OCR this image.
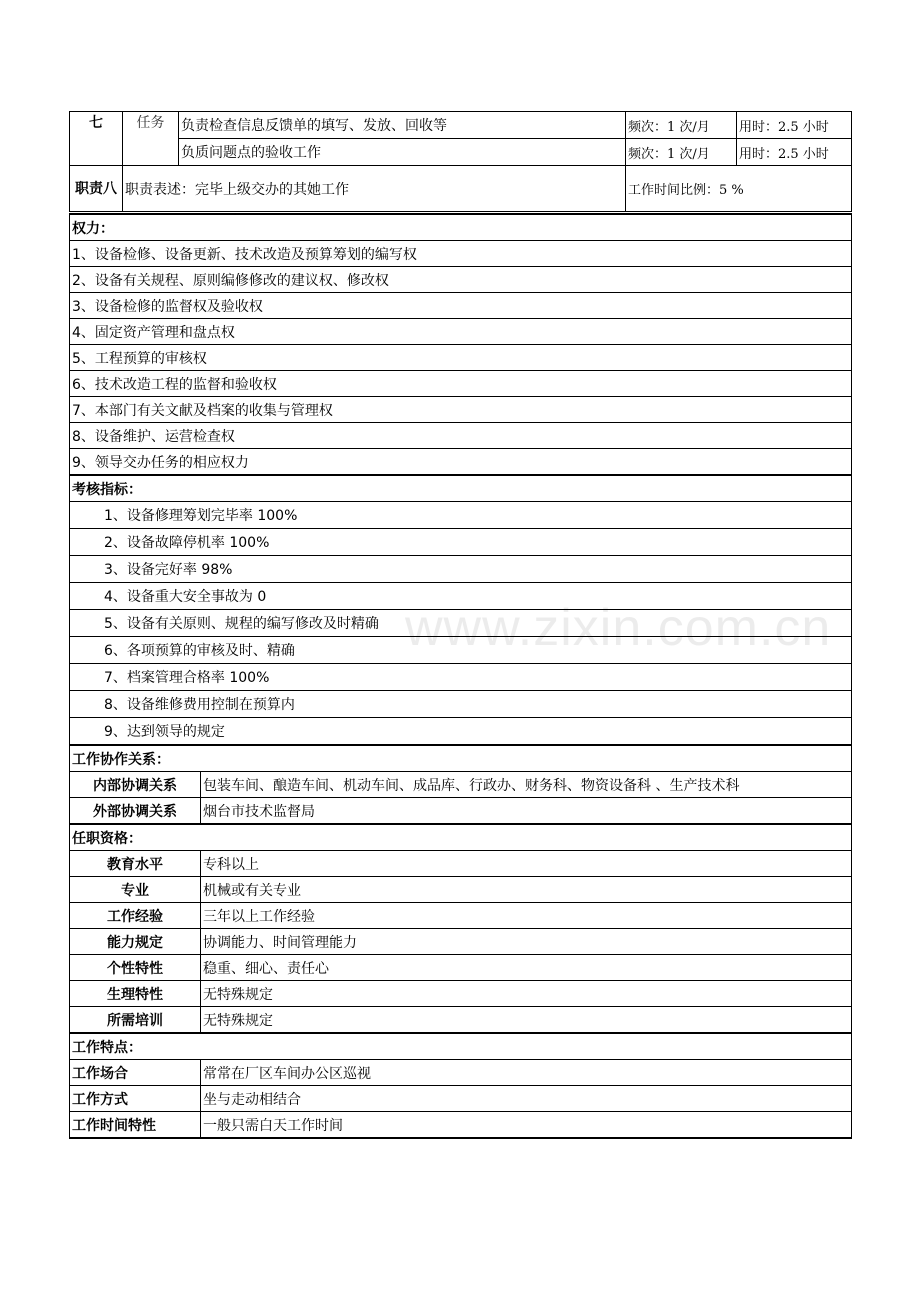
www.zixin.com.cn
七	任务	负责检查信息反馈单的填写、发放、回收等	频次：1 次/月	用时：2.5 小时
		负质问题点的验收工作	频次：1 次/月	用时：2.5 小时
职责八	职责表述：完毕上级交办的其她工作		工作时间比例：5 %	
权力：	
1、设备检修、设备更新、技术改造及预算筹划的编写权	
2、设备有关规程、原则编修修改的建议权、修改权	
3、设备检修的监督权及验收权	
4、固定资产管理和盘点权	
5、工程预算的审核权	
6、技术改造工程的监督和验收权	
7、本部门有关文献及档案的收集与管理权	
8、设备维护、运营检查权	
9、领导交办任务的相应权力	
考核指标：	
1、设备修理筹划完毕率 100%	
2、设备故障停机率 100%	
3、设备完好率 98%	
4、设备重大安全事故为 0	
5、设备有关原则、规程的编写修改及时精确	
6、各项预算的审核及时、精确	
7、档案管理合格率 100%	
8、设备维修费用控制在预算内	
9、达到领导的规定	
工作协作关系：	
内部协调关系	包装车间、酿造车间、机动车间、成品库、行政办、财务科、物资设备科 、生产技术科
外部协调关系	烟台市技术监督局
任职资格：	
教育水平	专科以上
专业	机械或有关专业
工作经验	三年以上工作经验
能力规定	协调能力、时间管理能力
个性特性	稳重、细心、责任心
生理特性	无特殊规定
所需培训	无特殊规定
工作特点：	
工作场合	常常在厂区车间办公区巡视
工作方式	坐与走动相结合
工作时间特性	一般只需白天工作时间
